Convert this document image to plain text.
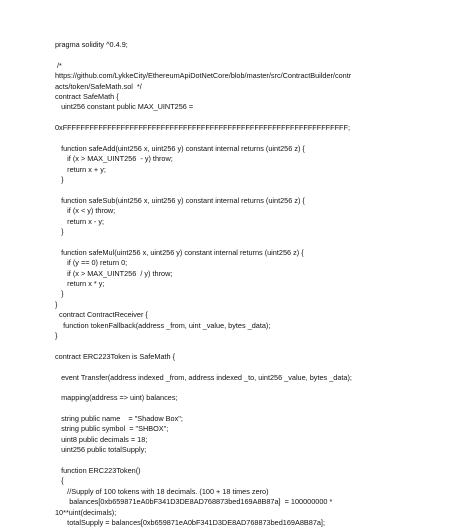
pragma solidity ^0.4.9;
/*
https://github.com/LykkeCity/EthereumApiDotNetCore/blob/master/src/ContractBuilder/contr
acts/token/SafeMath.sol  */
contract SafeMath {
uint256 constant public MAX_UINT256 =
0xFFFFFFFFFFFFFFFFFFFFFFFFFFFFFFFFFFFFFFFFFFFFFFFFFFFFFFFFFFFFFFFF;
function safeAdd(uint256 x, uint256 y) constant internal returns (uint256 z) {
if (x > MAX_UINT256  - y) throw;
return x + y;
}
function safeSub(uint256 x, uint256 y) constant internal returns (uint256 z) {
if (x < y) throw;
return x - y;
}
function safeMul(uint256 x, uint256 y) constant internal returns (uint256 z) {
if (y == 0) return 0;
if (x > MAX_UINT256  / y) throw;
return x * y;
}
}
contract ContractReceiver {
function tokenFallback(address _from, uint _value, bytes _data);
}
contract ERC223Token is SafeMath {
event Transfer(address indexed _from, address indexed _to, uint256 _value, bytes _data);
mapping(address => uint) balances;
string public name    = "Shadow Box";
string public symbol  = "SHBOX";
uint8 public decimals = 18;
uint256 public totalSupply;
function ERC223Token()
{
//Supply of 100 tokens with 18 decimals. (100 + 18 times zero)
balances[0xb659871eA0bF341D3DE8AD768873bed169A8B87a]  = 100000000 *
10**uint(decimals);
totalSupply = balances[0xb659871eA0bF341D3DE8AD768873bed169A8B87a];
